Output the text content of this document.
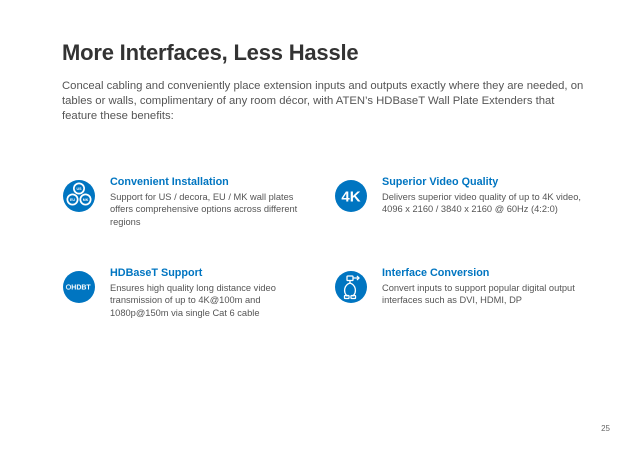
More Interfaces, Less Hassle
Conceal cabling and conveniently place extension inputs and outputs exactly where they are needed, on tables or walls, complimentary of any room décor, with ATEN’s HDBaseT Wall Plate Extenders that feature these benefits:
US
EU MK
Convenient Installation

Support for US / decora, EU / MK wall plates offers comprehensive options across different regions

4K
Superior Video Quality

Delivers superior video quality of up to 4K video, 4096 x 2160 / 3840 x 2160 @ 60Hz (4:2:0)

HDBT
HDBaseT Support

Ensures high quality long distance video transmission of up to 4K@100m and 1080p@150m via single Cat 6 cable

Interface Conversion

Convert inputs to support popular digital output interfaces such as DVI, HDMI, DP

25
